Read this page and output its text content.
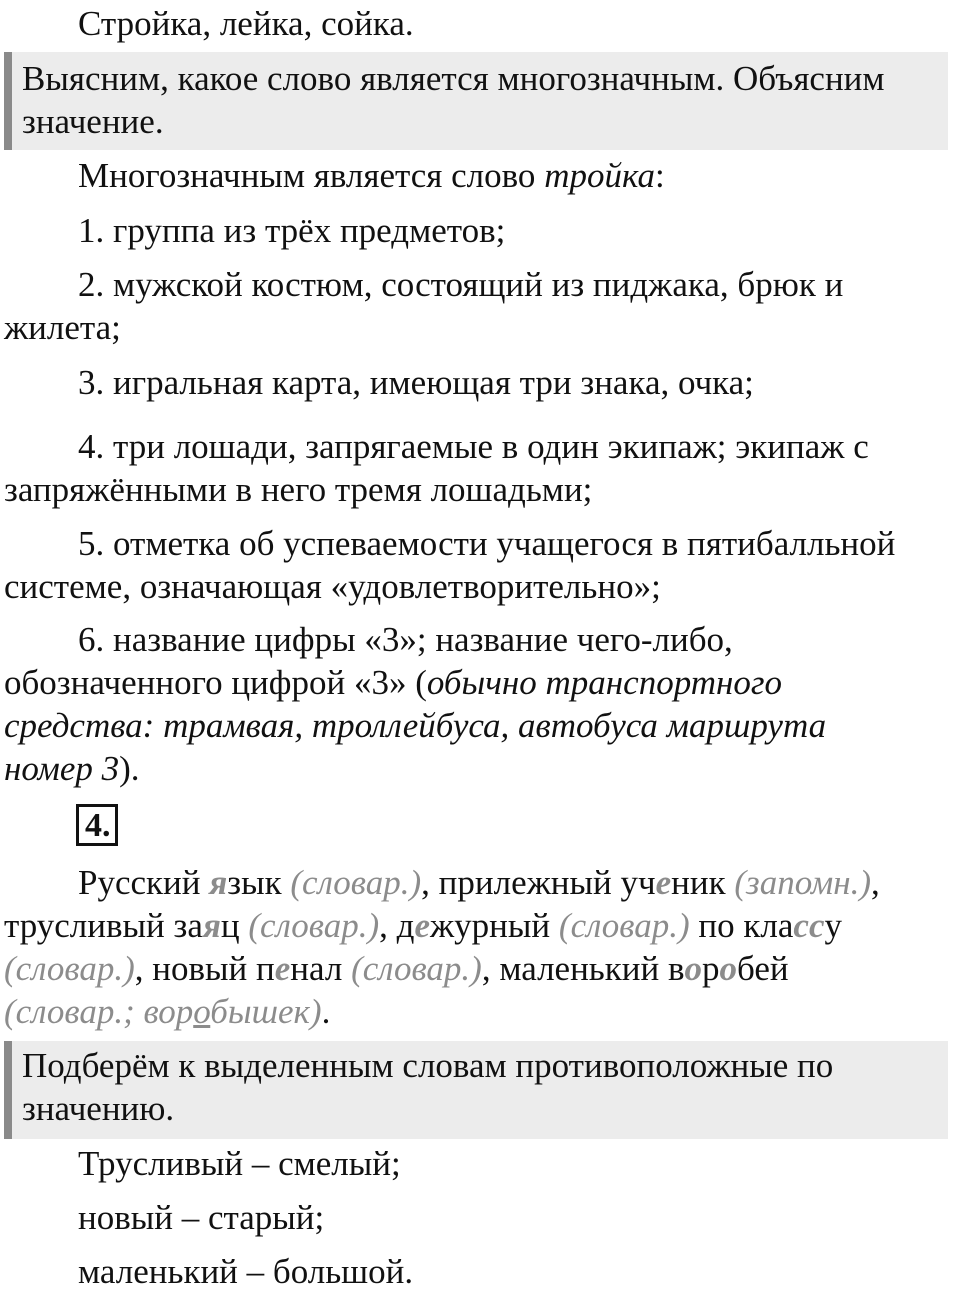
Стройка, лейка, сойка.

Выясним, какое слово является многозначным. Объясним
значение.

Многозначным является слово тройка:

1. группа из трёх предметов;

2. мужской костюм, состоящий из пиджака, брюк и
жилета;

3. игральная карта, имеющая три знака, очка;

4. три лошади, запрягаемые в один экипаж; экипаж с
запряжёнными в него тремя лошадьми;
5. отметка об успеваемости учащегося в пятибалльной
системе, означающая «удовлетворительно»;
6. название цифры «3»; название чего-либо,
обозначенного цифрой «3» (обычно транспортного
средства: трамвая, троллейбуса, автобуса маршрута
номер 3).
4.
Русский язык (словар.), прилежный ученик (запомн.),
трусливый заяц (словар.), дежурный (словар.) по классу
(словар.), новый пенал (словар.), маленький воробей
(словар.; воробышек).
Подберём к выделенным словам противоположные по
значению.

Трусливый – смелый;

новый – старый;

маленький – большой.
